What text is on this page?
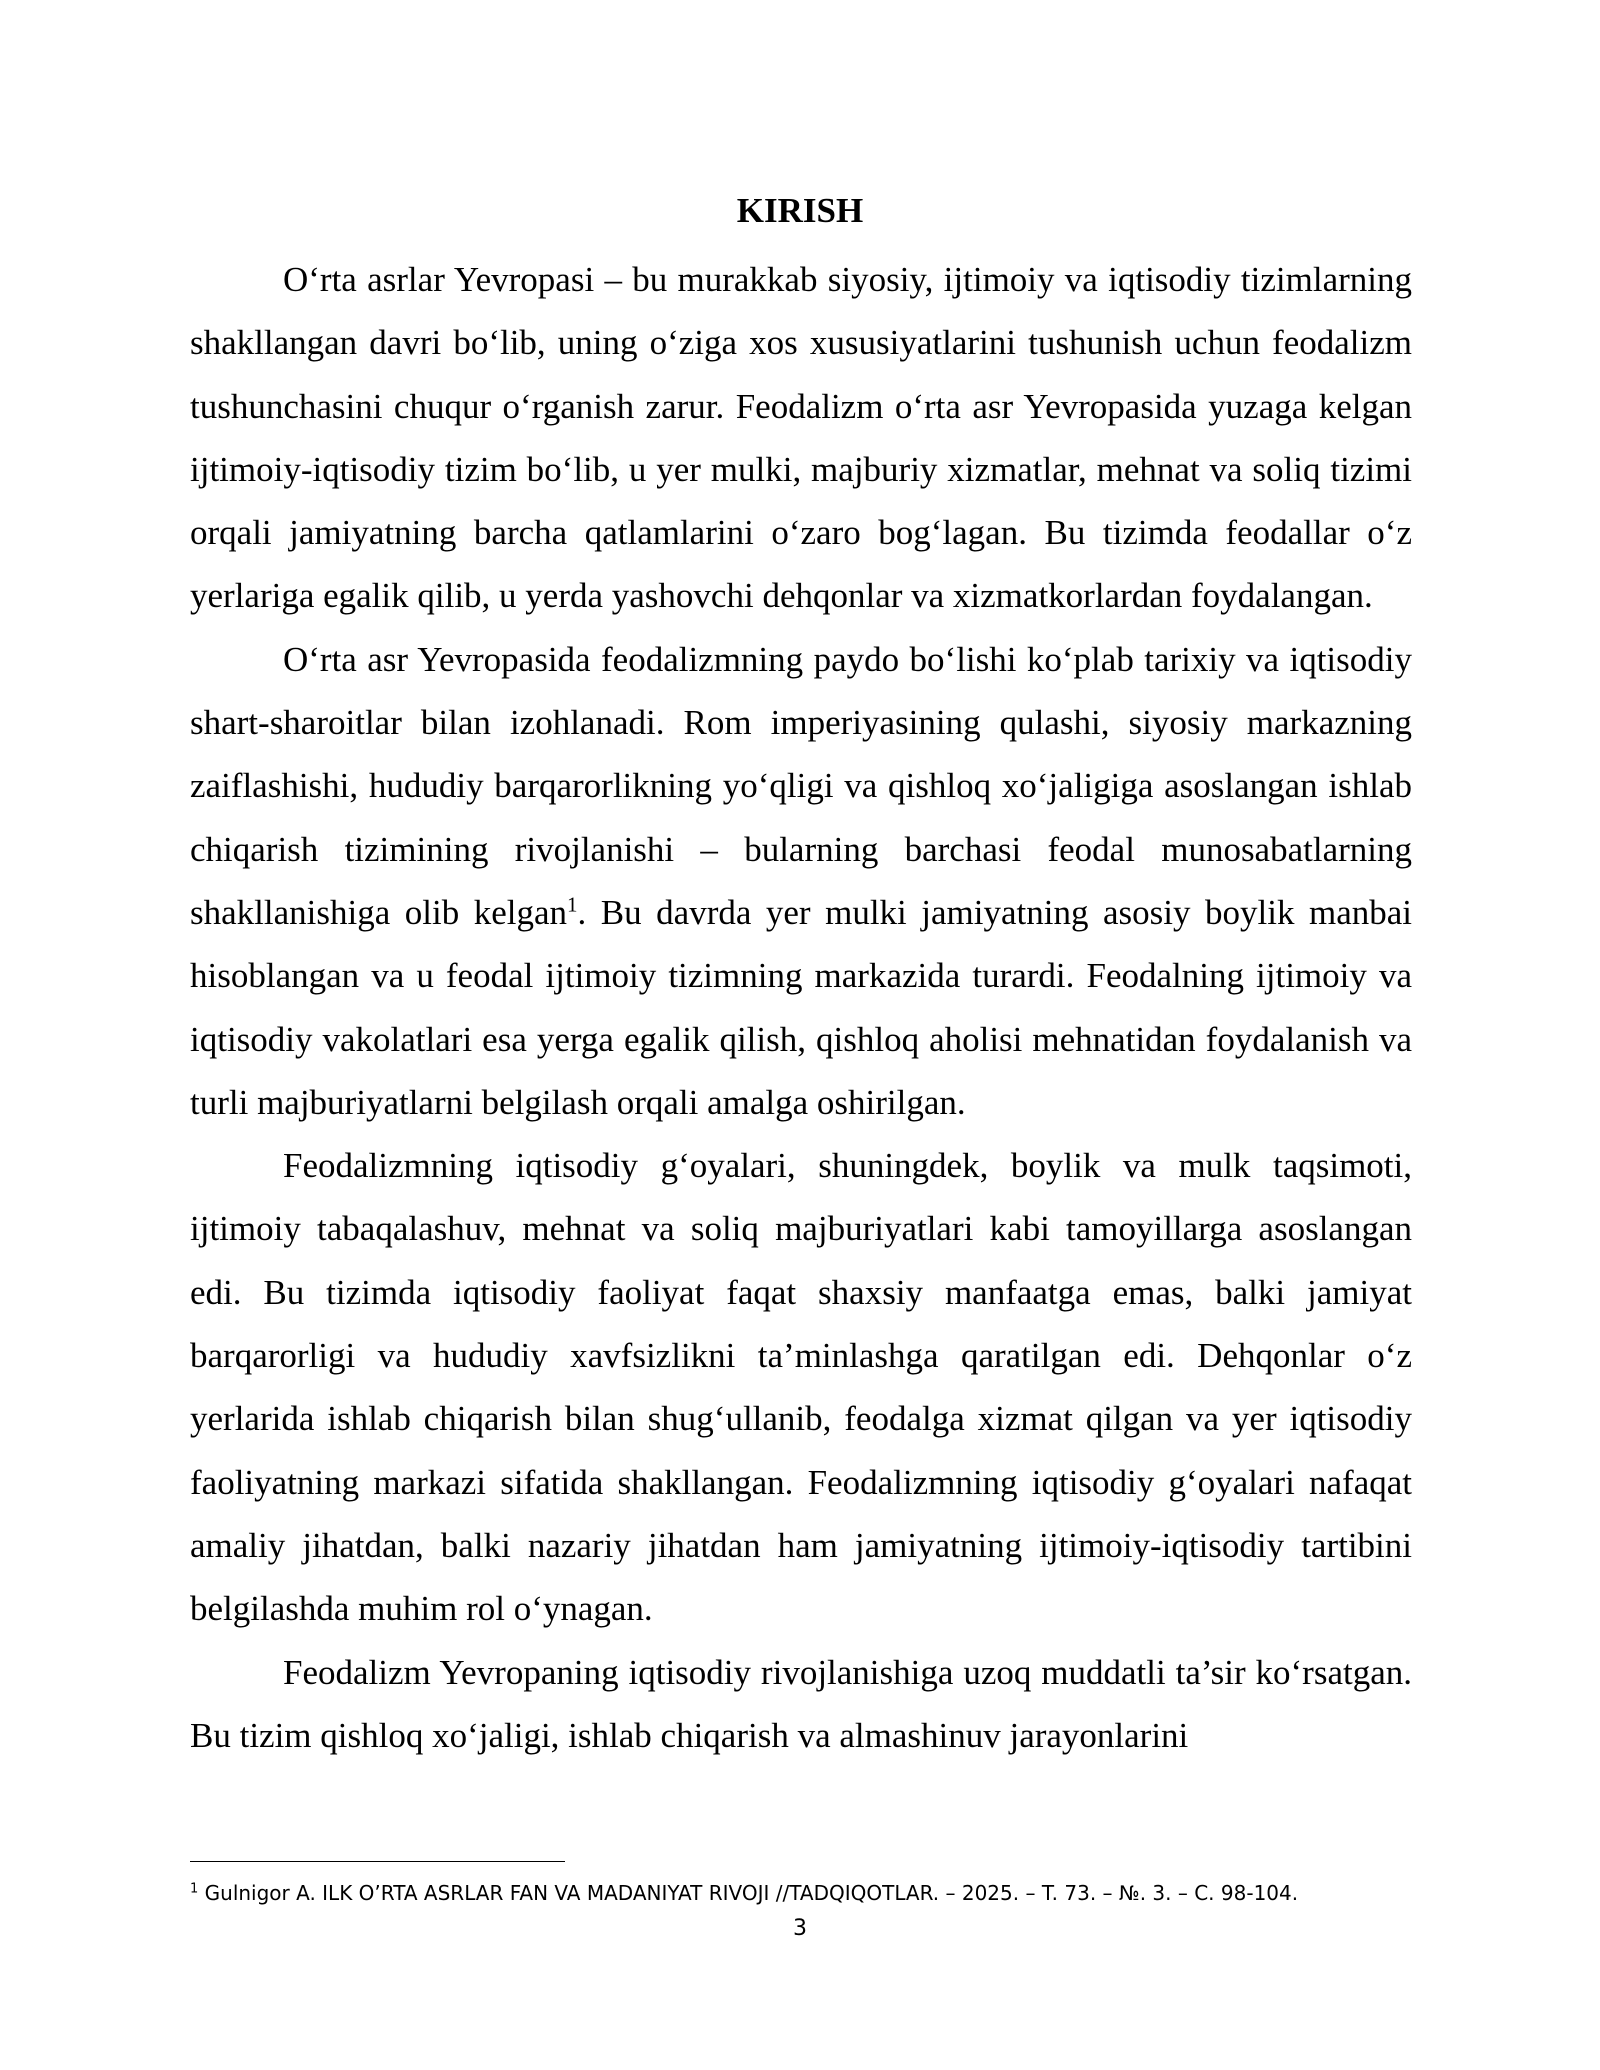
KIRISH

O‘rta asrlar Yevropasi – bu murakkab siyosiy, ijtimoiy va iqtisodiy tizimlarning shakllangan davri bo‘lib, uning o‘ziga xos xususiyatlarini tushunish uchun feodalizm tushunchasini chuqur o‘rganish zarur. Feodalizm o‘rta asr Yevropasida yuzaga kelgan ijtimoiy-iqtisodiy tizim bo‘lib, u yer mulki, majburiy xizmatlar, mehnat va soliq tizimi orqali jamiyatning barcha qatlamlarini o‘zaro bog‘lagan. Bu tizimda feodallar o‘z yerlariga egalik qilib, u yerda yashovchi dehqonlar va xizmatkorlardan foydalangan.

O‘rta asr Yevropasida feodalizmning paydo bo‘lishi ko‘plab tarixiy va iqtisodiy shart-sharoitlar bilan izohlanadi. Rom imperiyasining qulashi, siyosiy markazning zaiflashishi, hududiy barqarorlikning yo‘qligi va qishloq xo‘jaligiga asoslangan ishlab chiqarish tizimining rivojlanishi – bularning barchasi feodal munosabatlarning shakllanishiga olib kelgan$^1$. Bu davrda yer mulki jamiyatning asosiy boylik manbai hisoblangan va u feodal ijtimoiy tizimning markazida turardi. Feodalning ijtimoiy va iqtisodiy vakolatlari esa yerga egalik qilish, qishloq aholisi mehnatidan foydalanish va turli majburiyatlarni belgilash orqali amalga oshirilgan.

Feodalizmning iqtisodiy g‘oyalari, shuningdek, boylik va mulk taqsimoti, ijtimoiy tabaqalashuv, mehnat va soliq majburiyatlari kabi tamoyillarga asoslangan edi. Bu tizimda iqtisodiy faoliyat faqat shaxsiy manfaatga emas, balki jamiyat barqarorligi va hududiy xavfsizlikni ta’minlashga qaratilgan edi. Dehqonlar o‘z yerlarida ishlab chiqarish bilan shug‘ullanib, feodalga xizmat qilgan va yer iqtisodiy faoliyatning markazi sifatida shakllangan. Feodalizmning iqtisodiy g‘oyalari nafaqat amaliy jihatdan, balki nazariy jihatdan ham jamiyatning ijtimoiy-iqtisodiy tartibini belgilashda muhim rol o‘ynagan.

Feodalizm Yevropaning iqtisodiy rivojlanishiga uzoq muddatli ta’sir ko‘rsatgan. Bu tizim qishloq xo‘jaligi, ishlab chiqarish va almashinuv jarayonlarini

$^1$ Gulnigor A. ILK O’RTA ASRLAR FAN VA MADANIYAT RIVOJI //TADQIQOTLAR. – 2025. – T. 73. – №. 3. – С. 98-104.
3
